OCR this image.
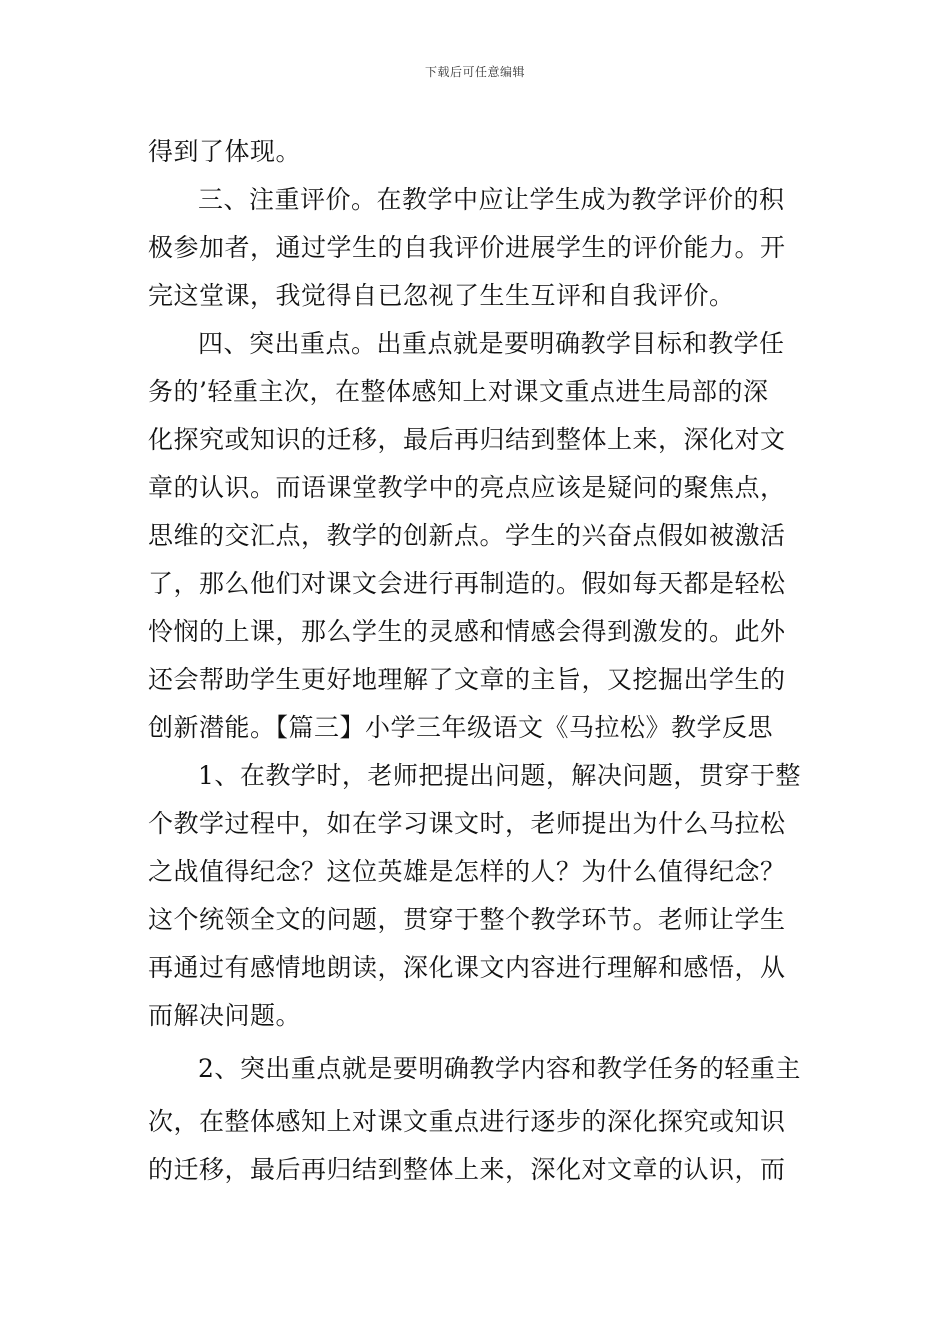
下载后可任意编辑
得到了体现。
三、注重评价。在教学中应让学生成为教学评价的积
极参加者，通过学生的自我评价进展学生的评价能力。开
完这堂课，我觉得自已忽视了生生互评和自我评价。
四、突出重点。出重点就是要明确教学目标和教学任
务的’轻重主次，在整体感知上对课文重点进生局部的深
化探究或知识的迁移，最后再归结到整体上来，深化对文
章的认识。而语课堂教学中的亮点应该是疑问的聚焦点，
思维的交汇点，教学的创新点。学生的兴奋点假如被激活
了，那么他们对课文会进行再制造的。假如每天都是轻松
怜悯的上课，那么学生的灵感和情感会得到激发的。此外
还会帮助学生更好地理解了文章的主旨，又挖掘出学生的
创新潜能。【篇三】小学三年级语文《马拉松》教学反思
1、在教学时，老师把提出问题，解决问题，贯穿于整
个教学过程中，如在学习课文时，老师提出为什么马拉松
之战值得纪念？这位英雄是怎样的人？为什么值得纪念？
这个统领全文的问题，贯穿于整个教学环节。老师让学生
再通过有感情地朗读，深化课文内容进行理解和感悟，从
而解决问题。
2、突出重点就是要明确教学内容和教学任务的轻重主
次，在整体感知上对课文重点进行逐步的深化探究或知识
的迁移，最后再归结到整体上来，深化对文章的认识，而
